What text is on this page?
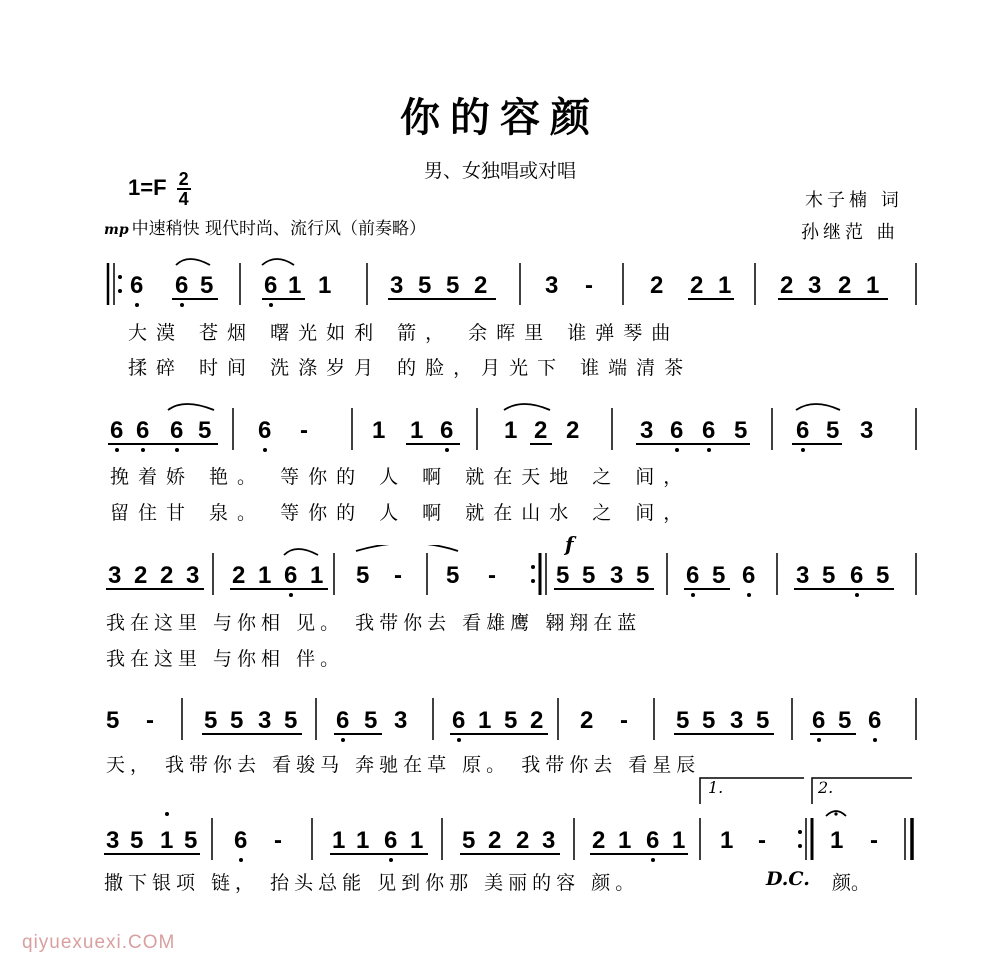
你的容颜
男、女独唱或对唱
$1=F \frac{2}{4}$
mp 中速稍快 现代时尚、流行风（前奏略）
木子楠 词
孙继范 曲
6 6 5 6 1 1 3 5 5 2 3 - 2 2 1 2 3 2 1
大漠 苍烟 曙光如利 箭， 余晖里 谁弹琴曲
揉碎 时间 洗涤岁月 的脸，月光下 谁端清茶
6 6 6 5 6 -	1 1 6 1 2 2	3 6 6 5 6 5 3
挽着娇 艳。 等你的 人 啊 就在天地 之 间，
留住甘 泉。 等你的 人 啊 就在山水 之 间，
f
3 2 2 3 2 1 6 1 5 - 5 -	5 5 3 5 6 5 6 3 5 6 5
我在这里 与你相 见。 我带你去 看雄鹰 翱翔在蓝
我在这里 与你相 伴。
5 - 5 5 3 5 6 5 3 6 1 5 2 2 - 5 5 3 5 6 5 6
天， 我带你去 看骏马 奔驰在草 原。 我带你去 看星辰
1.	2.
3 5 1 5 6 - 1 1 6 1 5 2 2 3 2 1 6 1 1 -	1 -
撒下银项 链， 抬头总能 见到你那 美丽的容 颜。	D.C. 颜。
qiyuexuexi.COM
